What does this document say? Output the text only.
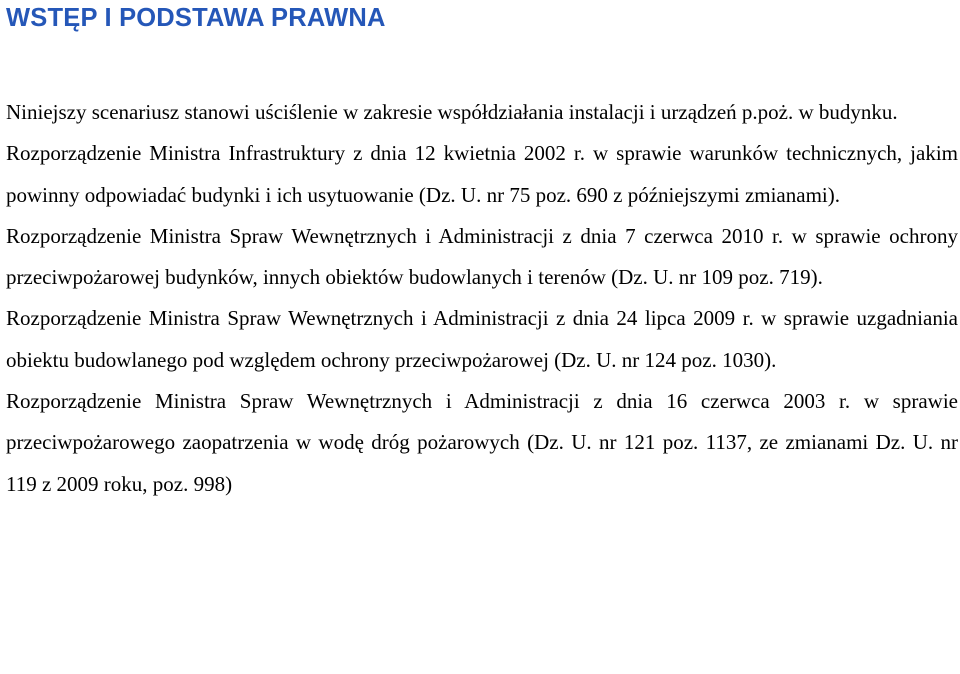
WSTĘP I PODSTAWA PRAWNA

Niniejszy scenariusz stanowi uściślenie w zakresie współdziałania instalacji i urządzeń p.poż. w budynku.

Rozporządzenie Ministra Infrastruktury z dnia 12 kwietnia 2002 r. w sprawie warunków technicznych, jakim powinny odpowiadać budynki i ich usytuowanie (Dz. U. nr 75 poz. 690 z późniejszymi zmianami).

Rozporządzenie Ministra Spraw Wewnętrznych i Administracji z dnia 7 czerwca 2010 r. w sprawie ochrony przeciwpożarowej budynków, innych obiektów budowlanych i terenów (Dz. U. nr 109 poz. 719).

Rozporządzenie Ministra Spraw Wewnętrznych i Administracji z dnia 24 lipca 2009 r. w sprawie uzgadniania obiektu budowlanego pod względem ochrony przeciwpożarowej (Dz. U. nr 124 poz. 1030).

Rozporządzenie Ministra Spraw Wewnętrznych i Administracji z dnia 16 czerwca 2003 r. w sprawie przeciwpożarowego zaopatrzenia w wodę dróg pożarowych (Dz. U. nr 121 poz. 1137, ze zmianami Dz. U. nr 119 z 2009 roku, poz. 998)
